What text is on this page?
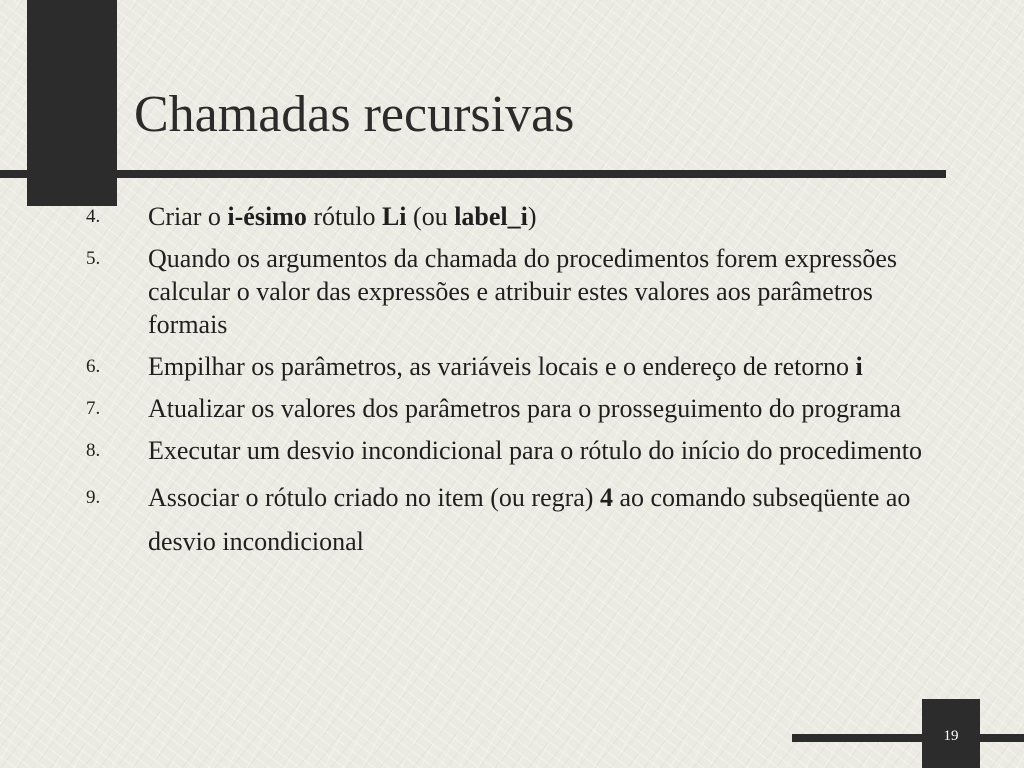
Chamadas recursivas
4. Criar o i-ésimo rótulo Li (ou label_i)
5. Quando os argumentos da chamada do procedimentos forem expressões calcular o valor das expressões e atribuir estes valores aos parâmetros formais
6. Empilhar os parâmetros, as variáveis locais e o endereço de retorno i
7. Atualizar os valores dos parâmetros para o prosseguimento do programa
8. Executar um desvio incondicional para o rótulo do início do procedimento
9. Associar o rótulo criado no item (ou regra) 4 ao comando subseqüente ao desvio incondicional
19
